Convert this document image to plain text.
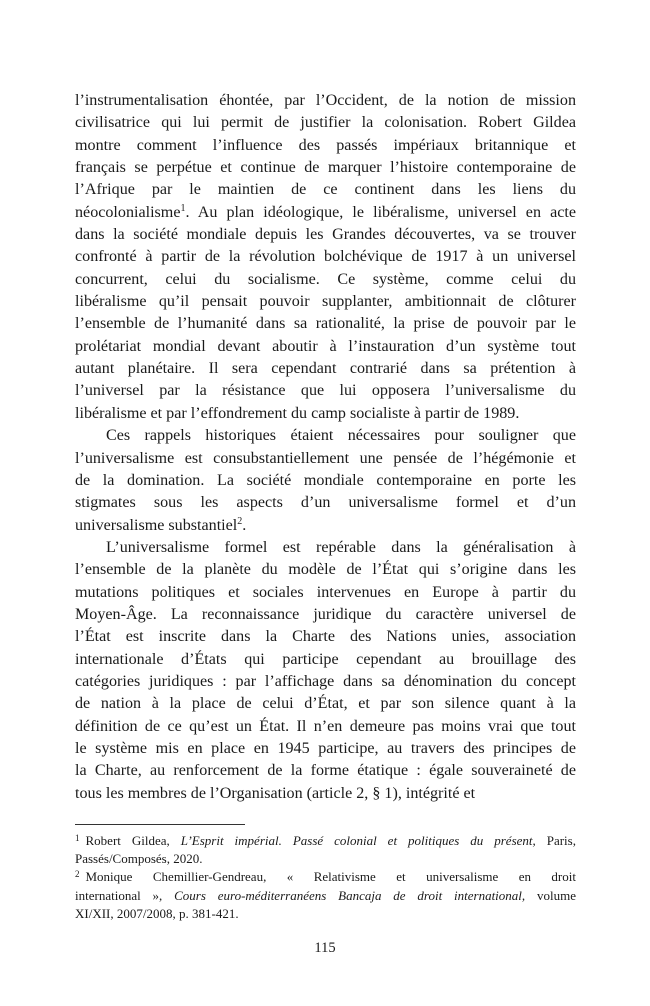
l’instrumentalisation éhontée, par l’Occident, de la notion de mission
civilisatrice qui lui permit de justifier la colonisation. Robert Gildea
montre comment l’influence des passés impériaux britannique et
français se perpétue et continue de marquer l’histoire contemporaine de
l’Afrique par le maintien de ce continent dans les liens du
néocolonialisme$^1$. Au plan idéologique, le libéralisme, universel en acte
dans la société mondiale depuis les Grandes découvertes, va se trouver
confronté à partir de la révolution bolchévique de 1917 à un universel
concurrent, celui du socialisme. Ce système, comme celui du
libéralisme qu’il pensait pouvoir supplanter, ambitionnait de clôturer
l’ensemble de l’humanité dans sa rationalité, la prise de pouvoir par le
prolétariat mondial devant aboutir à l’instauration d’un système tout
autant planétaire. Il sera cependant contrarié dans sa prétention à
l’universel par la résistance que lui opposera l’universalisme du
libéralisme et par l’effondrement du camp socialiste à partir de 1989.
Ces rappels historiques étaient nécessaires pour souligner que
l’universalisme est consubstantiellement une pensée de l’hégémonie et
de la domination. La société mondiale contemporaine en porte les
stigmates sous les aspects d’un universalisme formel et d’un
universalisme substantiel$^2$.
L’universalisme formel est repérable dans la généralisation à
l’ensemble de la planète du modèle de l’État qui s’origine dans les
mutations politiques et sociales intervenues en Europe à partir du
Moyen-Âge. La reconnaissance juridique du caractère universel de
l’État est inscrite dans la Charte des Nations unies, association
internationale d’États qui participe cependant au brouillage des
catégories juridiques : par l’affichage dans sa dénomination du concept
de nation à la place de celui d’État, et par son silence quant à la
définition de ce qu’est un État. Il n’en demeure pas moins vrai que tout
le système mis en place en 1945 participe, au travers des principes de
la Charte, au renforcement de la forme étatique : égale souveraineté de
tous les membres de l’Organisation (article 2, § 1), intégrité et
$^1$ Robert Gildea, L’Esprit impérial. Passé colonial et politiques du présent, Paris,
Passés/Composés, 2020.
$^2$ Monique Chemillier-Gendreau, « Relativisme et universalisme en droit
international », Cours euro-méditerranéens Bancaja de droit international, volume
XI/XII, 2007/2008, p. 381-421.
115
